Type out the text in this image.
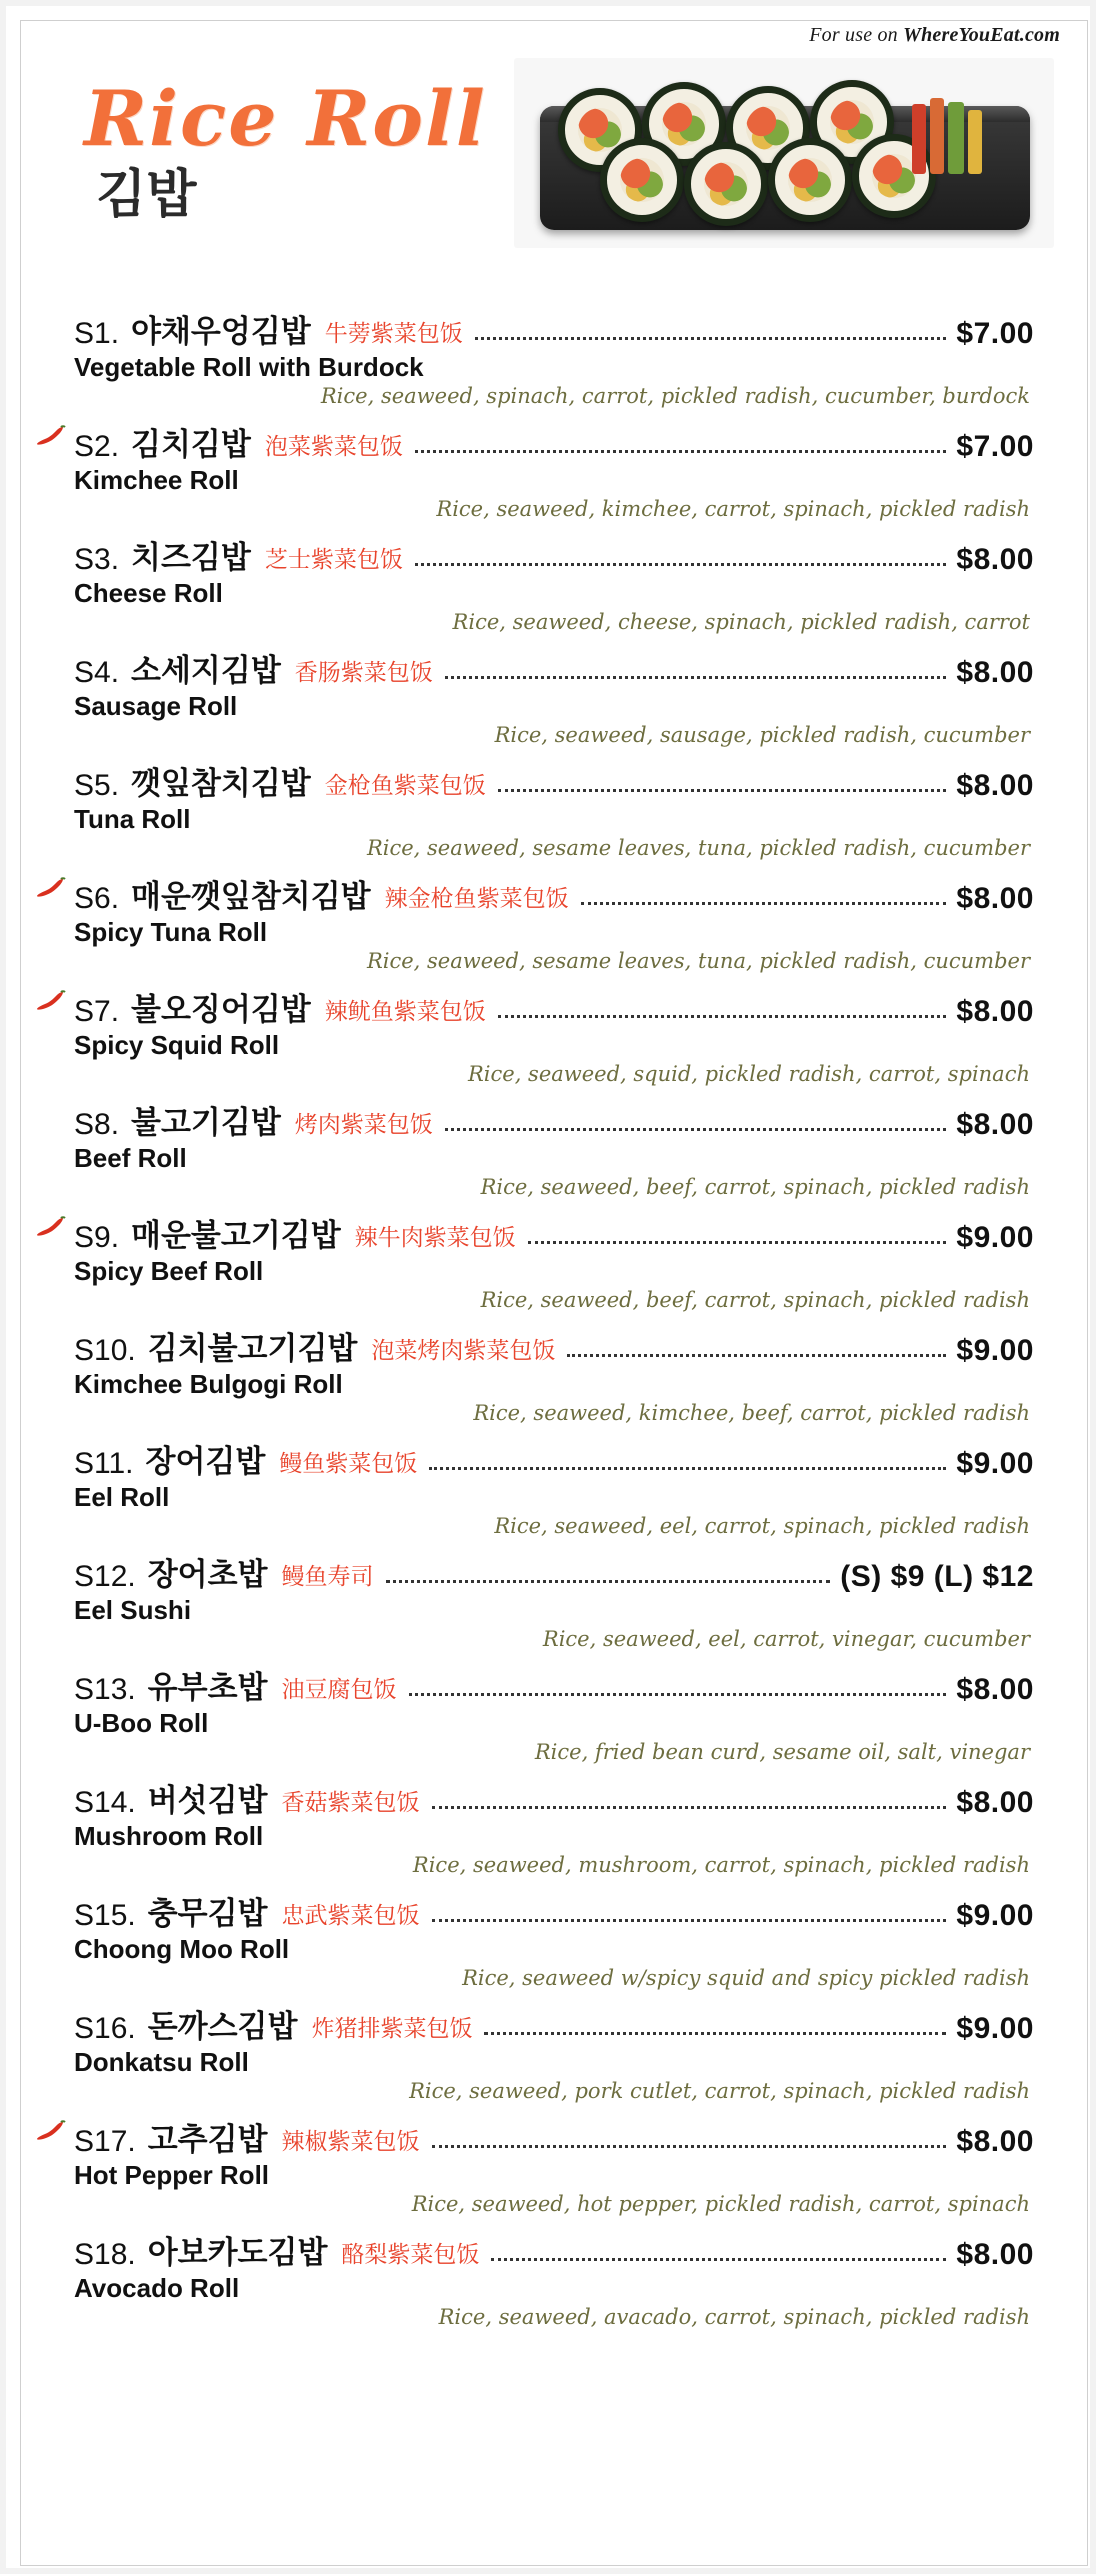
For use on WhereYouEat.com
Rice Roll
김밥
S1. 야채우엉김밥 牛蒡紫菜包饭	$7.00
Vegetable Roll with Burdock
Rice, seaweed, spinach, carrot, pickled radish, cucumber, burdock
S2. 김치김밥 泡菜紫菜包饭	$7.00
Kimchee Roll
Rice, seaweed, kimchee, carrot, spinach, pickled radish
S3. 치즈김밥 芝士紫菜包饭	$8.00
Cheese Roll
Rice, seaweed, cheese, spinach, pickled radish, carrot
S4. 소세지김밥 香肠紫菜包饭	$8.00
Sausage Roll
Rice, seaweed, sausage, pickled radish, cucumber
S5. 깻잎참치김밥 金枪鱼紫菜包饭	$8.00
Tuna Roll
Rice, seaweed, sesame leaves, tuna, pickled radish, cucumber
S6. 매운깻잎참치김밥 辣金枪鱼紫菜包饭	$8.00
Spicy Tuna Roll
Rice, seaweed, sesame leaves, tuna, pickled radish, cucumber
S7. 불오징어김밥 辣鱿鱼紫菜包饭	$8.00
Spicy Squid Roll
Rice, seaweed, squid, pickled radish, carrot, spinach
S8. 불고기김밥 烤肉紫菜包饭	$8.00
Beef Roll
Rice, seaweed, beef, carrot, spinach, pickled radish
S9. 매운불고기김밥 辣牛肉紫菜包饭	$9.00
Spicy Beef Roll
Rice, seaweed, beef, carrot, spinach, pickled radish
S10. 김치불고기김밥 泡菜烤肉紫菜包饭	$9.00
Kimchee Bulgogi Roll
Rice, seaweed, kimchee, beef, carrot, pickled radish
S11. 장어김밥 鳗鱼紫菜包饭	$9.00
Eel Roll
Rice, seaweed, eel, carrot, spinach, pickled radish
S12. 장어초밥 鳗鱼寿司	(S) $9 (L) $12
Eel Sushi
Rice, seaweed, eel, carrot, vinegar, cucumber
S13. 유부초밥 油豆腐包饭	$8.00
U-Boo Roll
Rice, fried bean curd, sesame oil, salt, vinegar
S14. 버섯김밥 香菇紫菜包饭	$8.00
Mushroom Roll
Rice, seaweed, mushroom, carrot, spinach, pickled radish
S15. 충무김밥 忠武紫菜包饭	$9.00
Choong Moo Roll
Rice, seaweed w/spicy squid and spicy pickled radish
S16. 돈까스김밥 炸猪排紫菜包饭	$9.00
Donkatsu Roll
Rice, seaweed, pork cutlet, carrot, spinach, pickled radish
S17. 고추김밥 辣椒紫菜包饭	$8.00
Hot Pepper Roll
Rice, seaweed, hot pepper, pickled radish, carrot, spinach
S18. 아보카도김밥 酪梨紫菜包饭	$8.00
Avocado Roll
Rice, seaweed, avacado, carrot, spinach, pickled radish
